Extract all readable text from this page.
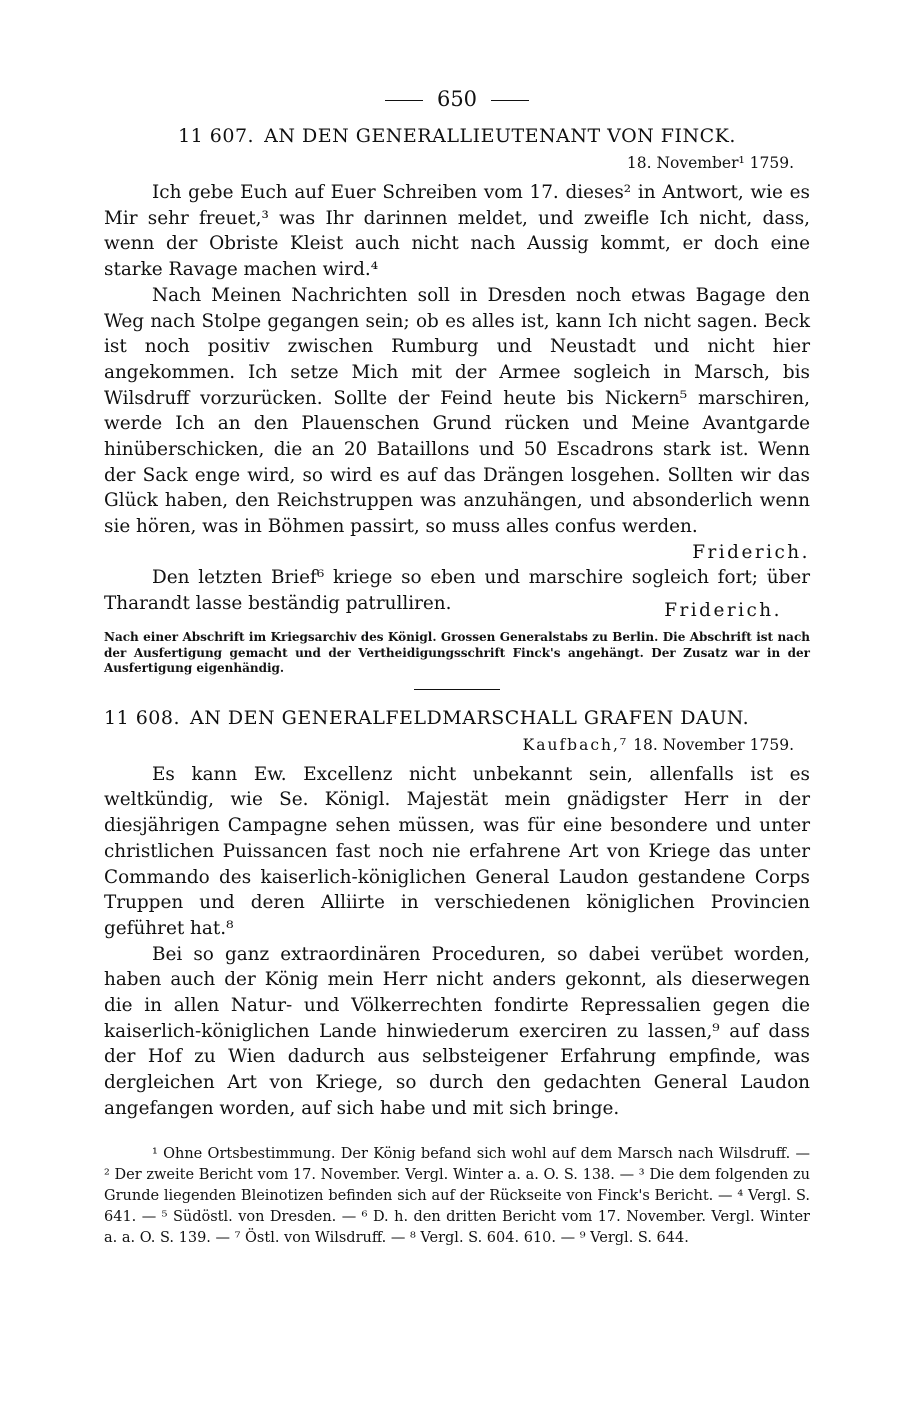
650
11 607. AN DEN GENERALLIEUTENANT VON FINCK.
18. November¹ 1759.

Ich gebe Euch auf Euer Schreiben vom 17. dieses² in Antwort, wie es Mir sehr freuet,³ was Ihr darinnen meldet, und zweifle Ich nicht, dass, wenn der Obriste Kleist auch nicht nach Aussig kommt, er doch eine starke Ravage machen wird.⁴

Nach Meinen Nachrichten soll in Dresden noch etwas Bagage den Weg nach Stolpe gegangen sein; ob es alles ist, kann Ich nicht sagen. Beck ist noch positiv zwischen Rumburg und Neustadt und nicht hier angekommen. Ich setze Mich mit der Armee sogleich in Marsch, bis Wilsdruff vorzurücken. Sollte der Feind heute bis Nickern⁵ marschiren, werde Ich an den Plauenschen Grund rücken und Meine Avantgarde hinüberschicken, die an 20 Bataillons und 50 Escadrons stark ist. Wenn der Sack enge wird, so wird es auf das Drängen losgehen. Sollten wir das Glück haben, den Reichstruppen was anzuhängen, und absonderlich wenn sie hören, was in Böhmen passirt, so muss alles confus werden.

Friderich.

Den letzten Brief⁶ kriege so eben und marschire sogleich fort; über Tharandt lasse beständig patrulliren.	Friderich.
Nach einer Abschrift im Kriegsarchiv des Königl. Grossen Generalstabs zu Berlin. Die Abschrift ist nach der Ausfertigung gemacht und der Vertheidigungsschrift Finck's angehängt. Der Zusatz war in der Ausfertigung eigenhändig.
11 608. AN DEN GENERALFELDMARSCHALL GRAFEN DAUN.
Kaufbach,⁷ 18. November 1759.

Es kann Ew. Excellenz nicht unbekannt sein, allenfalls ist es weltkündig, wie Se. Königl. Majestät mein gnädigster Herr in der diesjährigen Campagne sehen müssen, was für eine besondere und unter christlichen Puissancen fast noch nie erfahrene Art von Kriege das unter Commando des kaiserlich-königlichen General Laudon gestandene Corps Truppen und deren Alliirte in verschiedenen königlichen Provincien geführet hat.⁸

Bei so ganz extraordinären Proceduren, so dabei verübet worden, haben auch der König mein Herr nicht anders gekonnt, als dieserwegen die in allen Natur- und Völkerrechten fondirte Repressalien gegen die kaiserlich-königlichen Lande hinwiederum exerciren zu lassen,⁹ auf dass der Hof zu Wien dadurch aus selbsteigener Erfahrung empfinde, was dergleichen Art von Kriege, so durch den gedachten General Laudon angefangen worden, auf sich habe und mit sich bringe.

¹ Ohne Ortsbestimmung. Der König befand sich wohl auf dem Marsch nach Wilsdruff. — ² Der zweite Bericht vom 17. November. Vergl. Winter a. a. O. S. 138. — ³ Die dem folgenden zu Grunde liegenden Bleinotizen befinden sich auf der Rückseite von Finck's Bericht. — ⁴ Vergl. S. 641. — ⁵ Südöstl. von Dresden. — ⁶ D. h. den dritten Bericht vom 17. November. Vergl. Winter a. a. O. S. 139. — ⁷ Östl. von Wilsdruff. — ⁸ Vergl. S. 604. 610. — ⁹ Vergl. S. 644.
